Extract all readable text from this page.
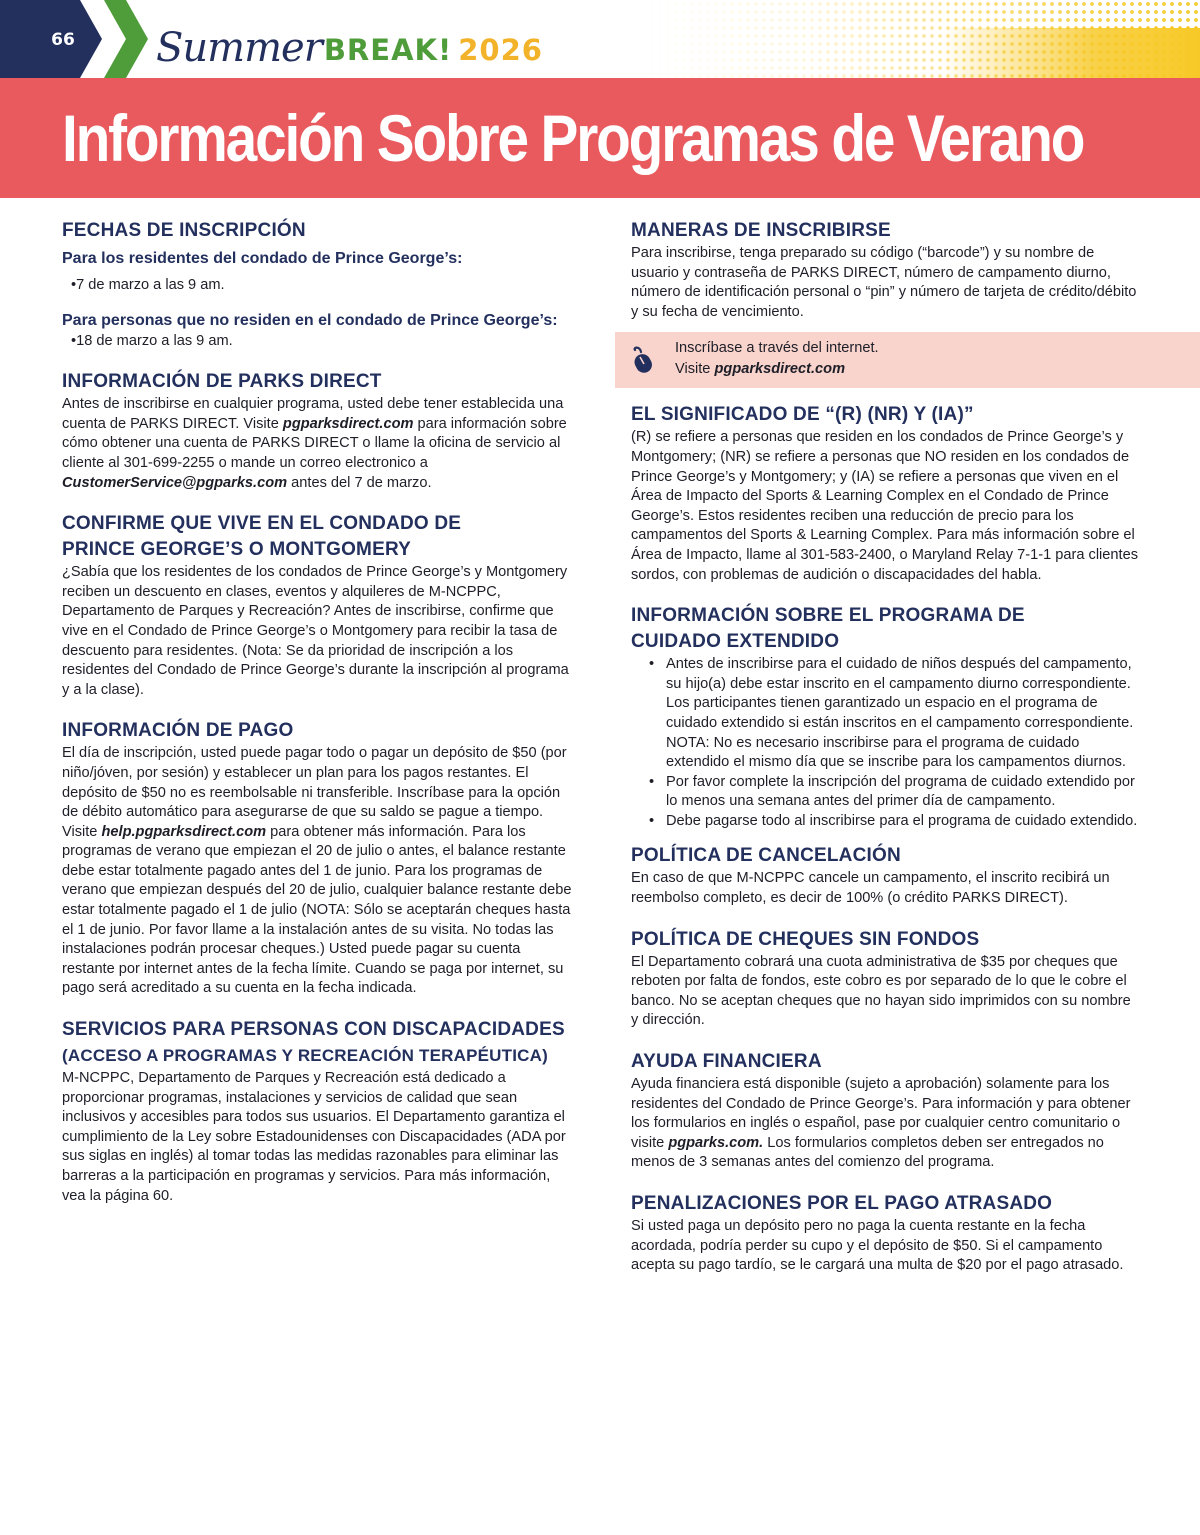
66 Summer BREAK! 2026
Información Sobre Programas de Verano
FECHAS DE INSCRIPCIÓN
Para los residentes del condado de Prince George’s:

•7 de marzo a las 9 am.

Para personas que no residen en el condado de Prince George’s:

•18 de marzo a las 9 am.

INFORMACIÓN DE PARKS DIRECT

Antes de inscribirse en cualquier programa, usted debe tener establecida una cuenta de PARKS DIRECT. Visite pgparksdirect.com para información sobre cómo obtener una cuenta de PARKS DIRECT o llame la oficina de servicio al cliente al 301-699-2255 o mande un correo electronico a CustomerService@pgparks.com antes del 7 de marzo.

CONFIRME QUE VIVE EN EL CONDADO DE
PRINCE GEORGE’S O MONTGOMERY

¿Sabía que los residentes de los condados de Prince George’s y Montgomery reciben un descuento en clases, eventos y alquileres de M-NCPPC, Departamento de Parques y Recreación? Antes de inscribirse, confirme que vive en el Condado de Prince George’s o Montgomery para recibir la tasa de descuento para residentes. (Nota: Se da prioridad de inscripción a los residentes del Condado de Prince George’s durante la inscripción al programa y a la clase).

INFORMACIÓN DE PAGO

El día de inscripción, usted puede pagar todo o pagar un depósito de $50 (por niño/jóven, por sesión) y establecer un plan para los pagos restantes. El depósito de $50 no es reembolsable ni transferible. Inscríbase para la opción de débito automático para asegurarse de que su saldo se pague a tiempo. Visite help.pgparksdirect.com para obtener más información. Para los programas de verano que empiezan el 20 de julio o antes, el balance restante debe estar totalmente pagado antes del 1 de junio. Para los programas de verano que empiezan después del 20 de julio, cualquier balance restante debe estar totalmente pagado el 1 de julio (NOTA: Sólo se aceptarán cheques hasta el 1 de junio. Por favor llame a la instalación antes de su visita. No todas las instalaciones podrán procesar cheques.) Usted puede pagar su cuenta restante por internet antes de la fecha límite. Cuando se paga por internet, su pago será acreditado a su cuenta en la fecha indicada.

SERVICIOS PARA PERSONAS CON DISCAPACIDADES
(ACCESO A PROGRAMAS Y RECREACIÓN TERAPÉUTICA)

M-NCPPC, Departamento de Parques y Recreación está dedicado a proporcionar programas, instalaciones y servicios de calidad que sean inclusivos y accesibles para todos sus usuarios. El Departamento garantiza el cumplimiento de la Ley sobre Estadounidenses con Discapacidades (ADA por sus siglas en inglés) al tomar todas las medidas razonables para eliminar las barreras a la participación en programas y servicios. Para más información, vea la página 60.

MANERAS DE INSCRIBIRSE

Para inscribirse, tenga preparado su código (“barcode”) y su nombre de usuario y contraseña de PARKS DIRECT, número de campamento diurno, número de identificación personal o “pin” y número de tarjeta de crédito/débito y su fecha de vencimiento.

Inscríbase a través del internet.

Visite pgparksdirect.com

EL SIGNIFICADO DE “(R) (NR) Y (IA)”

(R) se refiere a personas que residen en los condados de Prince George’s y Montgomery; (NR) se refiere a personas que NO residen en los condados de Prince George’s y Montgomery; y (IA) se refiere a personas que viven en el Área de Impacto del Sports & Learning Complex en el Condado de Prince George’s. Estos residentes reciben una reducción de precio para los campamentos del Sports & Learning Complex. Para más información sobre el Área de Impacto, llame al 301-583-2400, o Maryland Relay 7-1-1 para clientes sordos, con problemas de audición o discapacidades del habla.

INFORMACIÓN SOBRE EL PROGRAMA DE
CUIDADO EXTENDIDO
• Antes de inscribirse para el cuidado de niños después del campamento, su hijo(a) debe estar inscrito en el campamento diurno correspondiente. Los participantes tienen garantizado un espacio en el programa de cuidado extendido si están inscritos en el campamento correspondiente. NOTA: No es necesario inscribirse para el programa de cuidado extendido el mismo día que se inscribe para los campamentos diurnos.
• Por favor complete la inscripción del programa de cuidado extendido por lo menos una semana antes del primer día de campamento.
• Debe pagarse todo al inscribirse para el programa de cuidado extendido.
POLÍTICA DE CANCELACIÓN

En caso de que M-NCPPC cancele un campamento, el inscrito recibirá un reembolso completo, es decir de 100% (o crédito PARKS DIRECT).

POLÍTICA DE CHEQUES SIN FONDOS

El Departamento cobrará una cuota administrativa de $35 por cheques que reboten por falta de fondos, este cobro es por separado de lo que le cobre el banco. No se aceptan cheques que no hayan sido imprimidos con su nombre y dirección.

AYUDA FINANCIERA

Ayuda financiera está disponible (sujeto a aprobación) solamente para los residentes del Condado de Prince George’s. Para información y para obtener los formularios en inglés o español, pase por cualquier centro comunitario o visite pgparks.com. Los formularios completos deben ser entregados no menos de 3 semanas antes del comienzo del programa.

PENALIZACIONES POR EL PAGO ATRASADO

Si usted paga un depósito pero no paga la cuenta restante en la fecha acordada, podría perder su cupo y el depósito de $50. Si el campamento acepta su pago tardío, se le cargará una multa de $20 por el pago atrasado.
